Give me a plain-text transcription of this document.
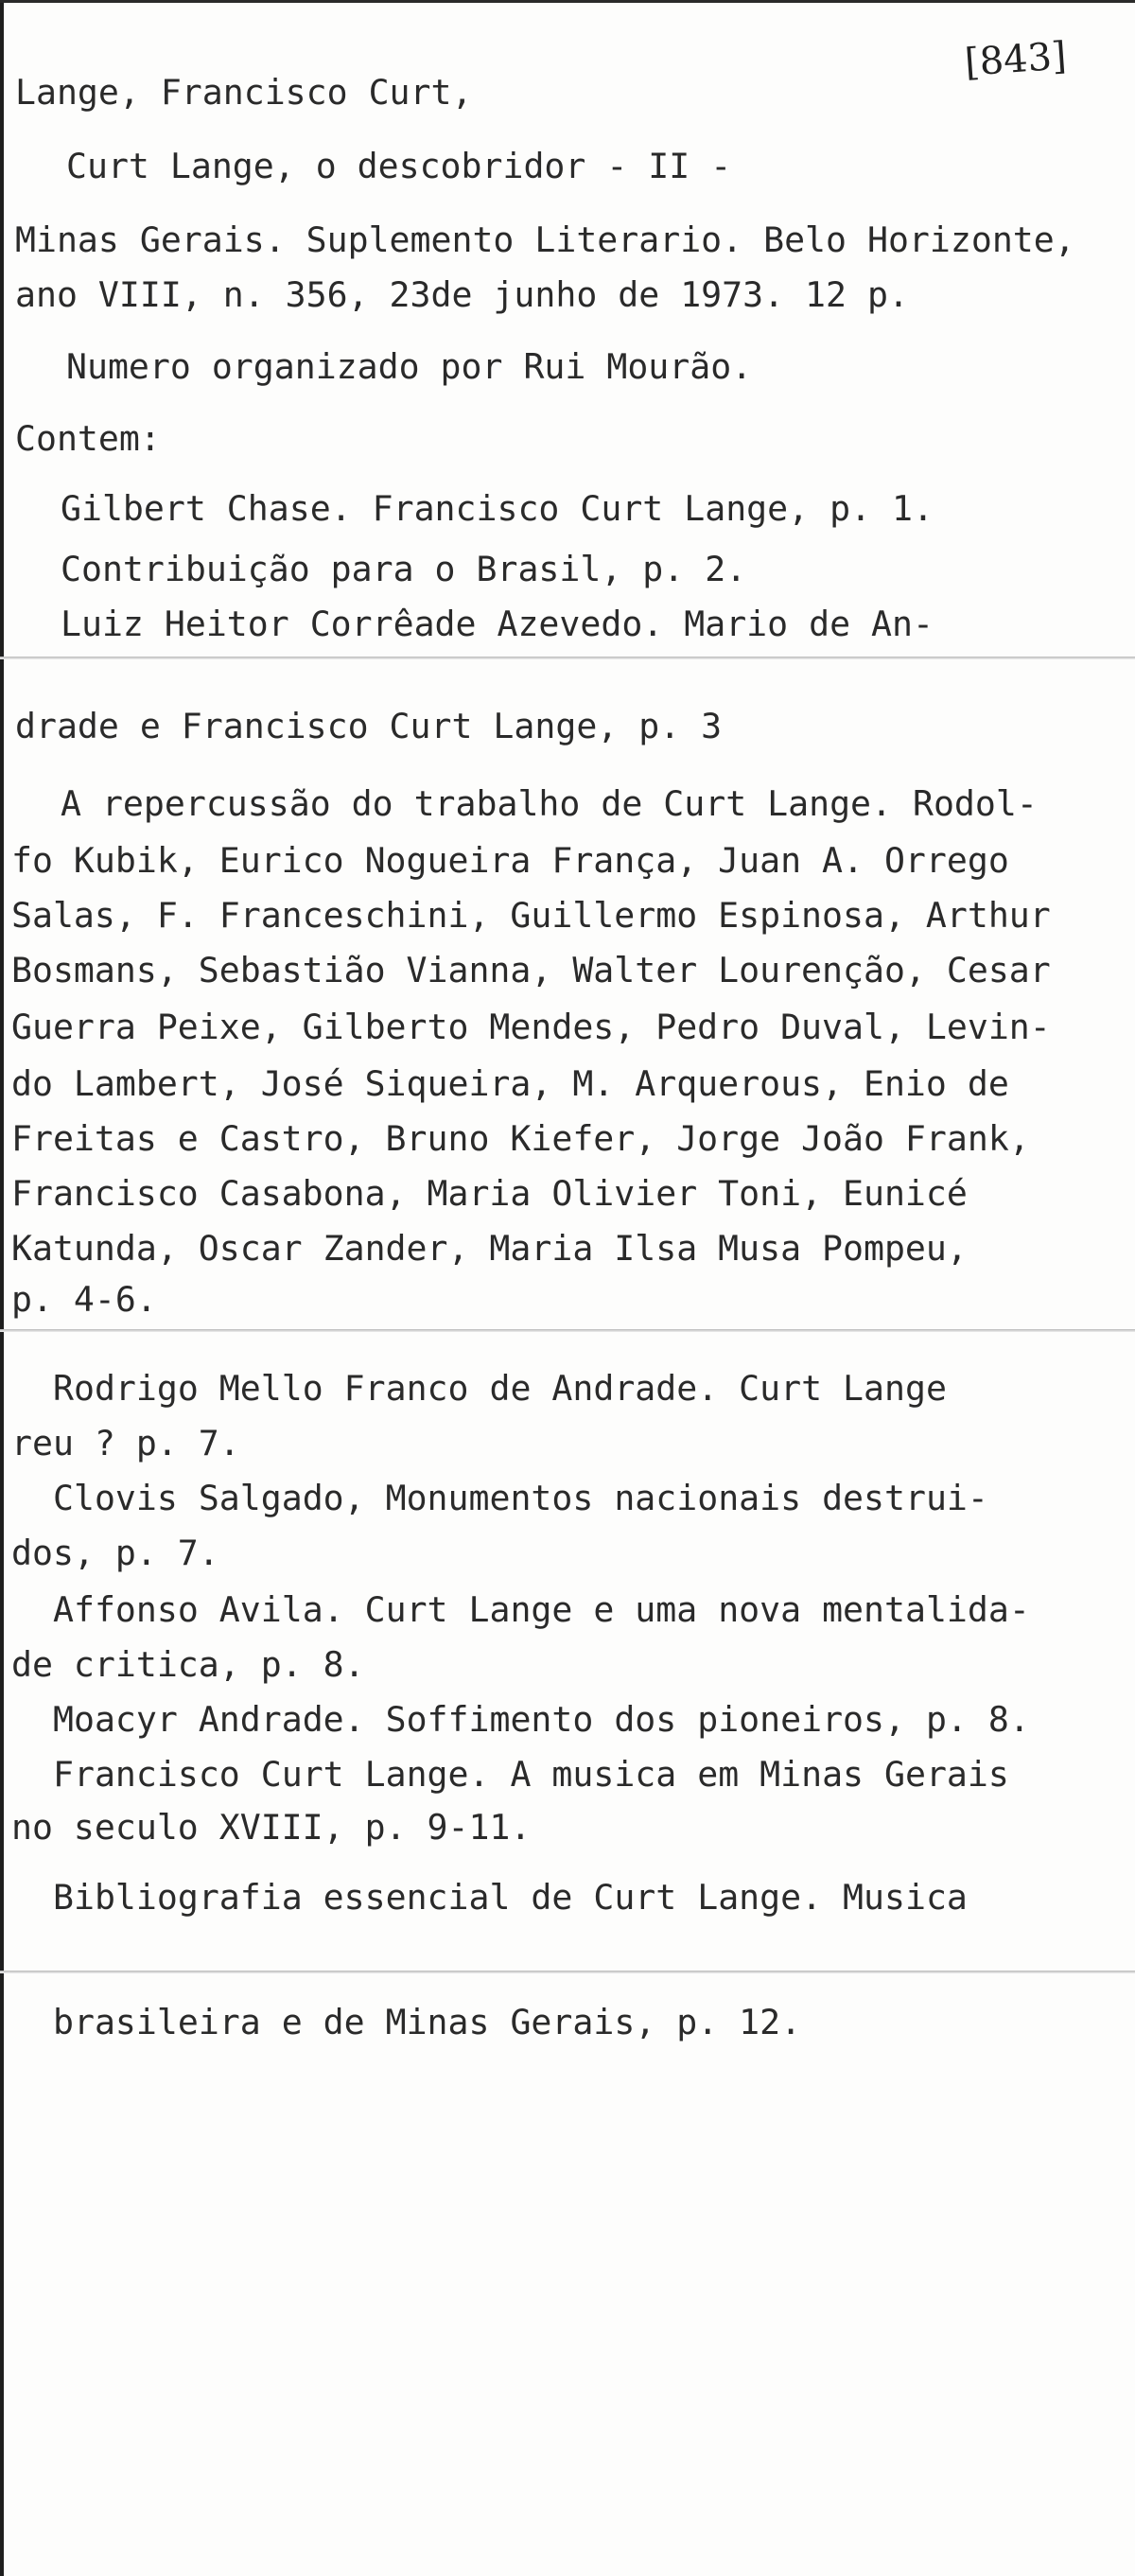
[843]
Lange, Francisco Curt,
Curt Lange, o descobridor - II -
Minas Gerais. Suplemento Literario. Belo Horizonte,
ano VIII, n. 356, 23de junho de 1973. 12 p.
Numero organizado por Rui Mourão.
Contem:
Gilbert Chase. Francisco Curt Lange, p. 1.
Contribuição para o Brasil, p. 2.
Luiz Heitor Corrêade Azevedo. Mario de An-
drade e Francisco Curt Lange, p. 3
A repercussão do trabalho de Curt Lange. Rodol-
fo Kubik, Eurico Nogueira França, Juan A. Orrego
Salas, F. Franceschini, Guillermo Espinosa, Arthur
Bosmans, Sebastião Vianna, Walter Lourenção, Cesar
Guerra Peixe, Gilberto Mendes, Pedro Duval, Levin-
do Lambert, José Siqueira, M. Arquerous, Enio de
Freitas e Castro, Bruno Kiefer, Jorge João Frank,
Francisco Casabona, Maria Olivier Toni, Eunicé
Katunda, Oscar Zander, Maria Ilsa Musa Pompeu,
p. 4-6.
Rodrigo Mello Franco de Andrade. Curt Lange
reu ? p. 7.
Clovis Salgado, Monumentos nacionais destrui-
dos, p. 7.
Affonso Avila. Curt Lange e uma nova mentalida-
de critica, p. 8.
Moacyr Andrade. Soffimento dos pioneiros, p. 8.
Francisco Curt Lange. A musica em Minas Gerais
no seculo XVIII, p. 9-11.
Bibliografia essencial de Curt Lange. Musica
brasileira e de Minas Gerais, p. 12.
